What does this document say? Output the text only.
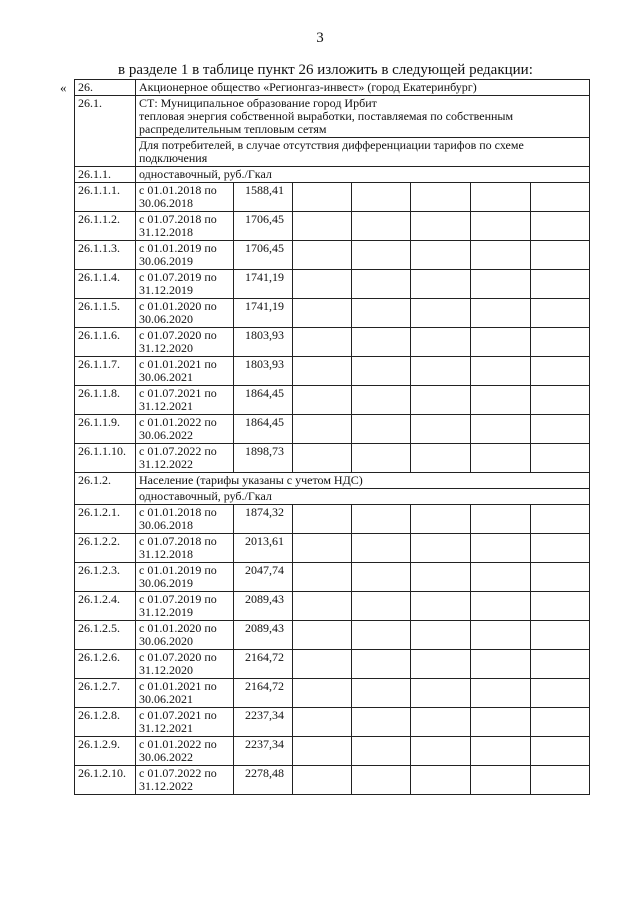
3
в разделе 1 в таблице пункт 26 изложить в следующей редакции:
« 26.	Акционерное общество «Регионгаз-инвест» (город Екатеринбург)						
26.1.	СТ: Муниципальное образование город Ирбит
тепловая энергия собственной выработки, поставляемая по собственным распределительным тепловым сетям						

	Для потребителей, в случае отсутствия дифференциации тарифов по схеме подключения						
26.1.1.	одноставочный, руб./Гкал						
26.1.1.1.	с 01.01.2018 по 30.06.2018	1588,41					
26.1.1.2.	с 01.07.2018 по 31.12.2018	1706,45					
26.1.1.3.	с 01.01.2019 по 30.06.2019	1706,45					
26.1.1.4.	с 01.07.2019 по 31.12.2019	1741,19					
26.1.1.5.	с 01.01.2020 по 30.06.2020	1741,19					
26.1.1.6.	с 01.07.2020 по 31.12.2020	1803,93					
26.1.1.7.	с 01.01.2021 по 30.06.2021	1803,93					
26.1.1.8.	с 01.07.2021 по 31.12.2021	1864,45					
26.1.1.9.	с 01.01.2022 по 30.06.2022	1864,45					
26.1.1.10.	с 01.07.2022 по 31.12.2022	1898,73					
26.1.2.	Население (тарифы указаны с учетом НДС)						
	одноставочный, руб./Гкал						
26.1.2.1.	с 01.01.2018 по 30.06.2018	1874,32					
26.1.2.2.	с 01.07.2018 по 31.12.2018	2013,61					
26.1.2.3.	с 01.01.2019 по 30.06.2019	2047,74					
26.1.2.4.	с 01.07.2019 по 31.12.2019	2089,43					
26.1.2.5.	с 01.01.2020 по 30.06.2020	2089,43					
26.1.2.6.	с 01.07.2020 по 31.12.2020	2164,72					
26.1.2.7.	с 01.01.2021 по 30.06.2021	2164,72					
26.1.2.8.	с 01.07.2021 по 31.12.2021	2237,34					
26.1.2.9.	с 01.01.2022 по 30.06.2022	2237,34					
26.1.2.10.	с 01.07.2022 по 31.12.2022	2278,48					
